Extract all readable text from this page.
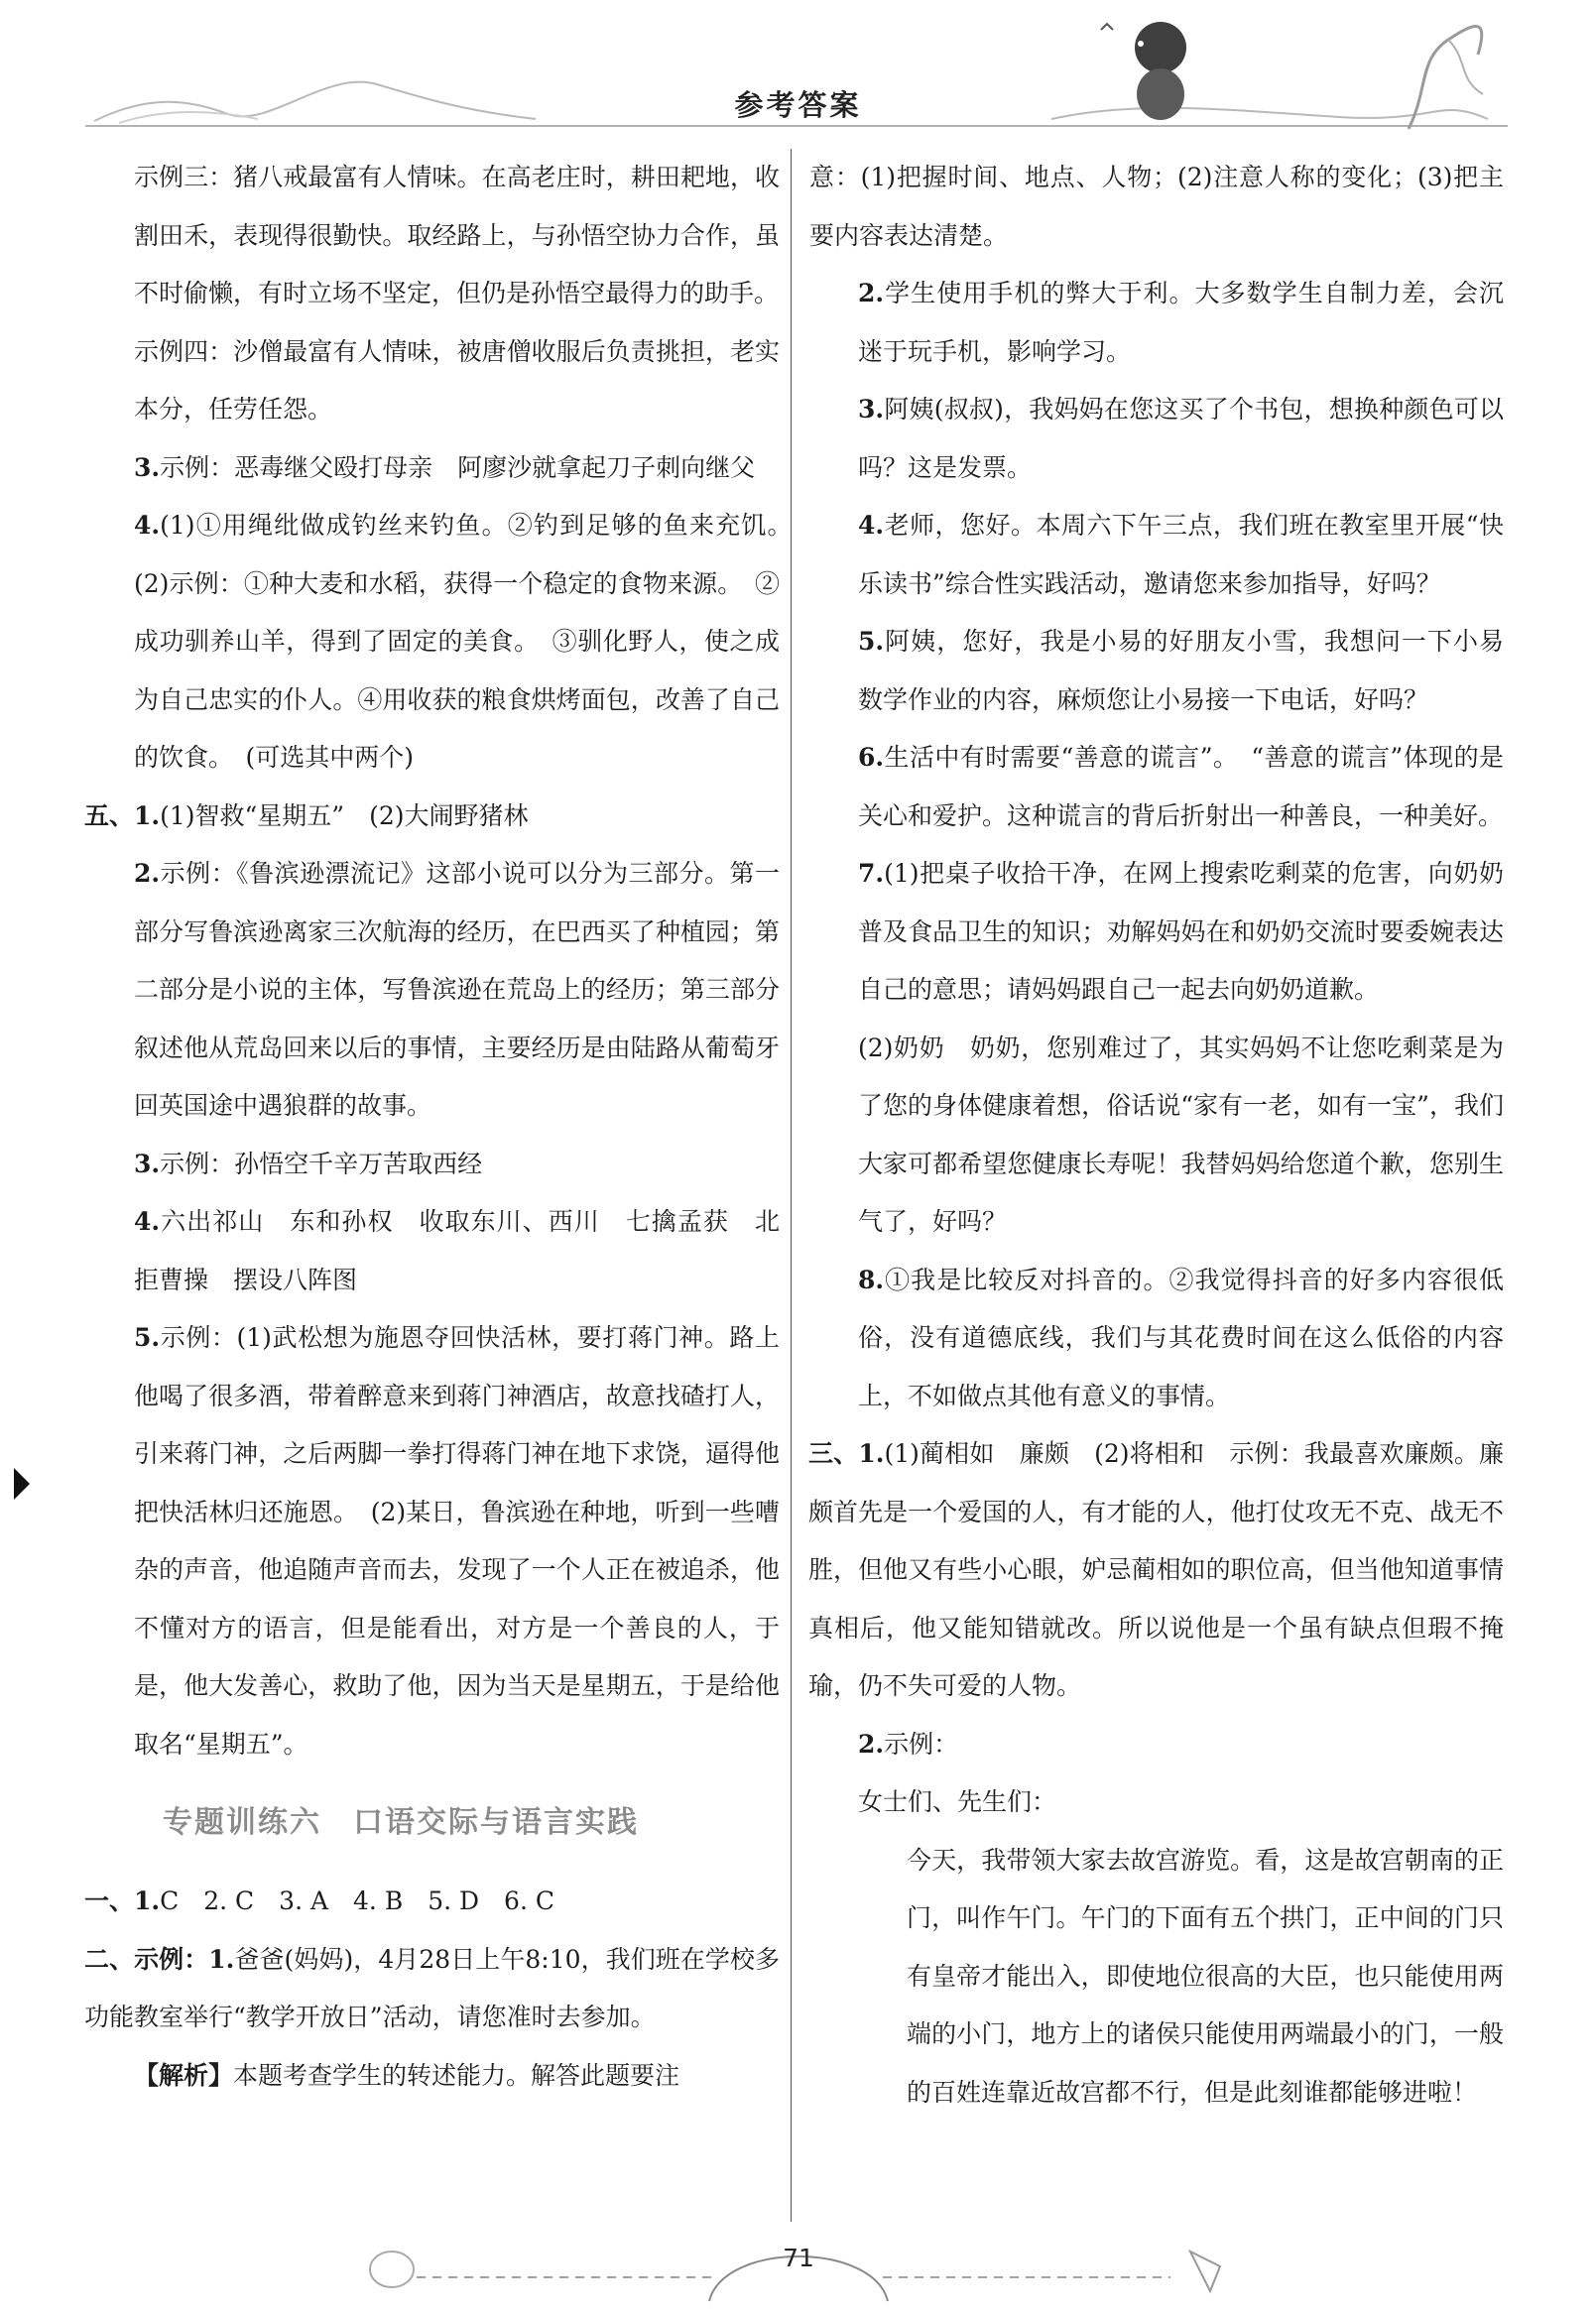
参考答案
示例三：猪八戒最富有人情味。在高老庄时，耕田耙地，收割田禾，表现得很勤快。取经路上，与孙悟空协力合作，虽不时偷懒，有时立场不坚定，但仍是孙悟空最得力的助手。
示例四：沙僧最富有人情味，被唐僧收服后负责挑担，老实本分，任劳任怨。
3.示例：恶毒继父殴打母亲　阿廖沙就拿起刀子刺向继父
4.(1)①用绳纰做成钓丝来钓鱼。②钓到足够的鱼来充饥。　(2)示例：①种大麦和水稻，获得一个稳定的食物来源。　②成功驯养山羊，得到了固定的美食。　③驯化野人，使之成为自己忠实的仆人。④用收获的粮食烘烤面包，改善了自己的饮食。　(可选其中两个)
五、1.(1)智救“星期五”　(2)大闹野猪林
2.示例：《鲁滨逊漂流记》这部小说可以分为三部分。第一部分写鲁滨逊离家三次航海的经历，在巴西买了种植园；第二部分是小说的主体，写鲁滨逊在荒岛上的经历；第三部分叙述他从荒岛回来以后的事情，主要经历是由陆路从葡萄牙回英国途中遇狼群的故事。
3.示例：孙悟空千辛万苦取西经
4.六出祁山　东和孙权　收取东川、西川　七擒孟获　北拒曹操　摆设八阵图
5.示例：(1)武松想为施恩夺回快活林，要打蒋门神。路上他喝了很多酒，带着醉意来到蒋门神酒店，故意找碴打人，引来蒋门神，之后两脚一拳打得蒋门神在地下求饶，逼得他把快活林归还施恩。　(2)某日，鲁滨逊在种地，听到一些嘈杂的声音，他追随声音而去，发现了一个人正在被追杀，他不懂对方的语言，但是能看出，对方是一个善良的人，于是，他大发善心，救助了他，因为当天是星期五，于是给他取名“星期五”。
专题训练六　口语交际与语言实践
一、1.C　2. C　3. A　4. B　5. D　6. C
二、示例：1.爸爸(妈妈)，4月28日上午8:10，我们班在学校多功能教室举行“教学开放日”活动，请您准时去参加。
【解析】本题考查学生的转述能力。解答此题要注
意：(1)把握时间、地点、人物；(2)注意人称的变化；(3)把主要内容表达清楚。
2.学生使用手机的弊大于利。大多数学生自制力差，会沉迷于玩手机，影响学习。
3.阿姨(叔叔)，我妈妈在您这买了个书包，想换种颜色可以吗？这是发票。
4.老师，您好。本周六下午三点，我们班在教室里开展“快乐读书”综合性实践活动，邀请您来参加指导，好吗？
5.阿姨，您好，我是小易的好朋友小雪，我想问一下小易数学作业的内容，麻烦您让小易接一下电话，好吗？
6.生活中有时需要“善意的谎言”。　“善意的谎言”体现的是关心和爱护。这种谎言的背后折射出一种善良，一种美好。
7.(1)把桌子收拾干净，在网上搜索吃剩菜的危害，向奶奶普及食品卫生的知识；劝解妈妈在和奶奶交流时要委婉表达自己的意思；请妈妈跟自己一起去向奶奶道歉。
(2)奶奶　奶奶，您别难过了，其实妈妈不让您吃剩菜是为了您的身体健康着想，俗话说“家有一老，如有一宝”，我们大家可都希望您健康长寿呢！我替妈妈给您道个歉，您别生气了，好吗？
8.①我是比较反对抖音的。②我觉得抖音的好多内容很低俗，没有道德底线，我们与其花费时间在这么低俗的内容上，不如做点其他有意义的事情。
三、1.(1)蔺相如　廉颇　(2)将相和　示例：我最喜欢廉颇。廉颇首先是一个爱国的人，有才能的人，他打仗攻无不克、战无不胜，但他又有些小心眼，妒忌蔺相如的职位高，但当他知道事情真相后，他又能知错就改。所以说他是一个虽有缺点但瑕不掩瑜，仍不失可爱的人物。
2.示例：
女士们、先生们：
今天，我带领大家去故宫游览。看，这是故宫朝南的正门，叫作午门。午门的下面有五个拱门，正中间的门只有皇帝才能出入，即使地位很高的大臣，也只能使用两端的小门，地方上的诸侯只能使用两端最小的门，一般的百姓连靠近故宫都不行，但是此刻谁都能够进啦！
71
